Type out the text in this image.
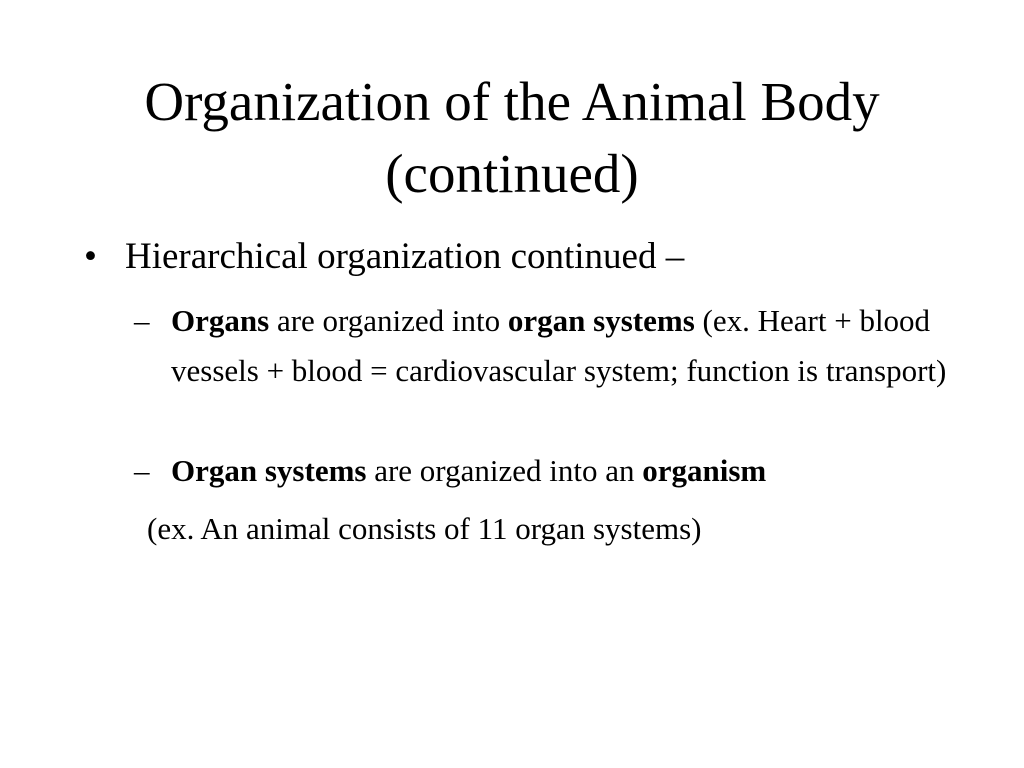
Organization of the Animal Body
(continued)
• Hierarchical organization continued –
– Organs are organized into organ systems (ex. Heart + blood vessels + blood = cardiovascular system; function is transport)
– Organ systems are organized into an organism
(ex. An animal consists of 11 organ systems)
